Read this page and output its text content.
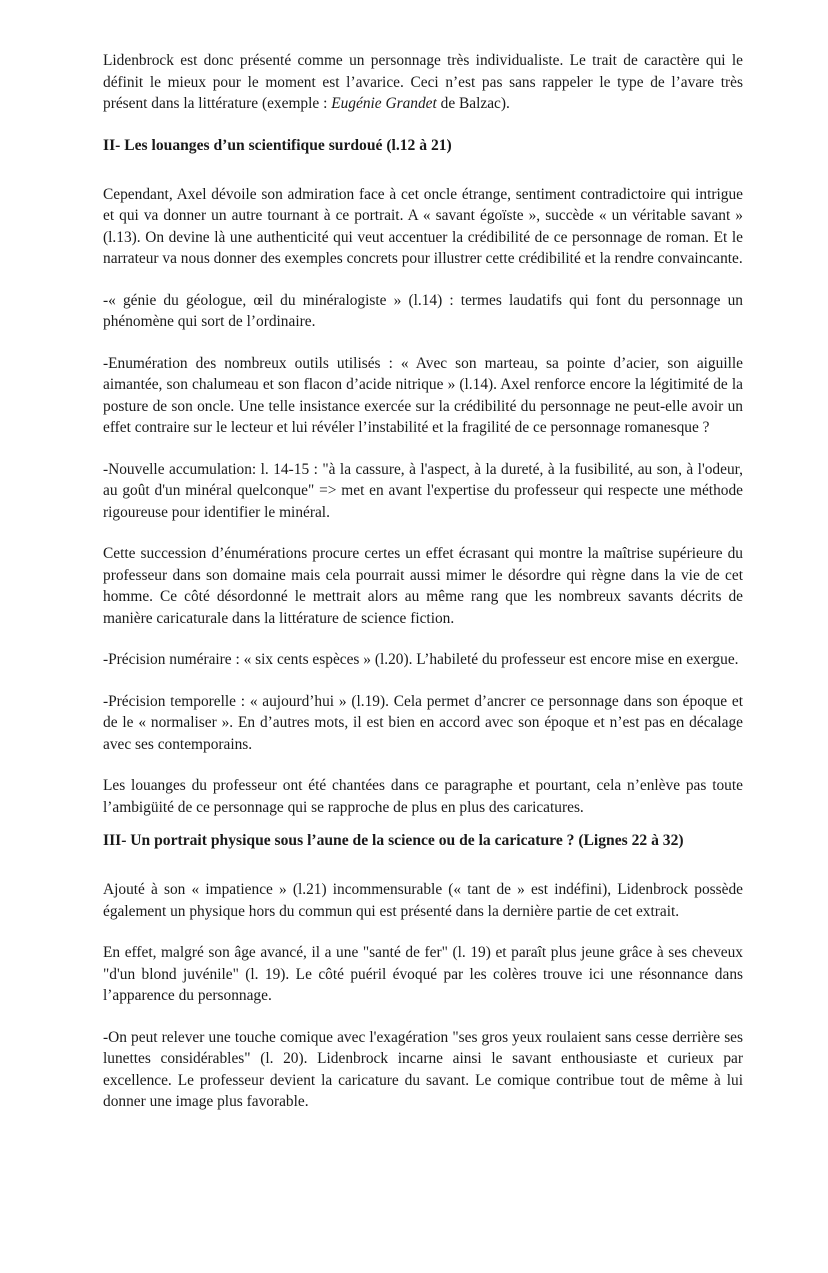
Lidenbrock est donc présenté comme un personnage très individualiste. Le trait de caractère qui le définit le mieux pour le moment est l’avarice. Ceci n’est pas sans rappeler le type de l’avare très présent dans la littérature (exemple : Eugénie Grandet de Balzac).

II- Les louanges d’un scientifique surdoué (l.12 à 21)

Cependant, Axel dévoile son admiration face à cet oncle étrange, sentiment contradictoire qui intrigue et qui va donner un autre tournant à ce portrait. A « savant égoïste », succède « un véritable savant » (l.13). On devine là une authenticité qui veut accentuer la crédibilité de ce personnage de roman. Et le narrateur va nous donner des exemples concrets pour illustrer cette crédibilité et la rendre convaincante.

-« génie du géologue, œil du minéralogiste » (l.14) : termes laudatifs qui font du personnage un phénomène qui sort de l’ordinaire.

-Enumération des nombreux outils utilisés : « Avec son marteau, sa pointe d’acier, son aiguille aimantée, son chalumeau et son flacon d’acide nitrique » (l.14). Axel renforce encore la légitimité de la posture de son oncle. Une telle insistance exercée sur la crédibilité du personnage ne peut-elle avoir un effet contraire sur le lecteur et lui révéler l’instabilité et la fragilité de ce personnage romanesque ?

-Nouvelle accumulation: l. 14-15 : "à la cassure, à l'aspect, à la dureté, à la fusibilité, au son, à l'odeur, au goût d'un minéral quelconque" => met en avant l'expertise du professeur qui respecte une méthode rigoureuse pour identifier le minéral.

Cette succession d’énumérations procure certes un effet écrasant qui montre la maîtrise supérieure du professeur dans son domaine mais cela pourrait aussi mimer le désordre qui règne dans la vie de cet homme. Ce côté désordonné le mettrait alors au même rang que les nombreux savants décrits de manière caricaturale dans la littérature de science fiction.

-Précision numéraire : « six cents espèces » (l.20). L’habileté du professeur est encore mise en exergue.

-Précision temporelle : « aujourd’hui » (l.19). Cela permet d’ancrer ce personnage dans son époque et de le « normaliser ». En d’autres mots, il est bien en accord avec son époque et n’est pas en décalage avec ses contemporains.

Les louanges du professeur ont été chantées dans ce paragraphe et pourtant, cela n’enlève pas toute l’ambigüité de ce personnage qui se rapproche de plus en plus des caricatures.

III- Un portrait physique sous l’aune de la science ou de la caricature ? (Lignes 22 à 32)

Ajouté à son « impatience » (l.21) incommensurable (« tant de » est indéfini), Lidenbrock possède également un physique hors du commun qui est présenté dans la dernière partie de cet extrait.

En effet, malgré son âge avancé, il a une "santé de fer" (l. 19) et paraît plus jeune grâce à ses cheveux "d'un blond juvénile" (l. 19). Le côté puéril évoqué par les colères trouve ici une résonnance dans l’apparence du personnage.

-On peut relever une touche comique avec l'exagération "ses gros yeux roulaient sans cesse derrière ses lunettes considérables" (l. 20). Lidenbrock incarne ainsi le savant enthousiaste et curieux par excellence. Le professeur devient la caricature du savant. Le comique contribue tout de même à lui donner une image plus favorable.
